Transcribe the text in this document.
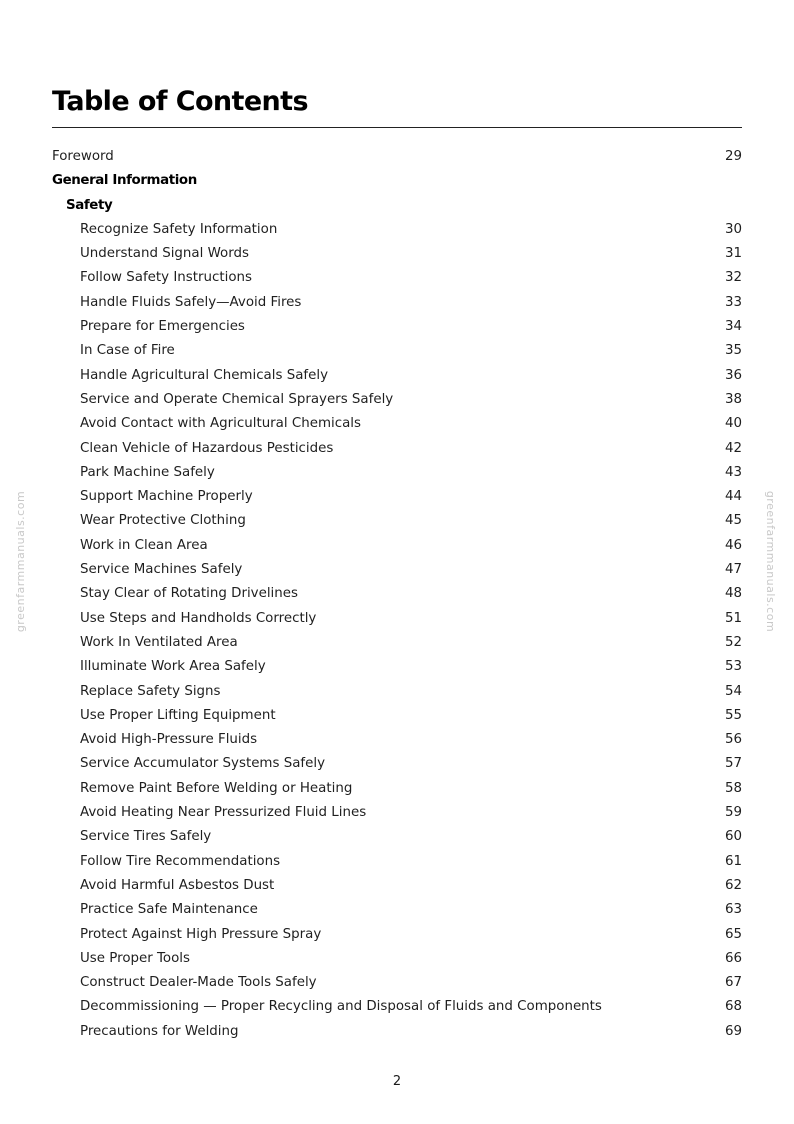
Table of Contents
Foreword	29
General Information
Safety
Recognize Safety Information	30
Understand Signal Words	31
Follow Safety Instructions	32
Handle Fluids Safely—Avoid Fires	33
Prepare for Emergencies	34
In Case of Fire	35
Handle Agricultural Chemicals Safely	36
Service and Operate Chemical Sprayers Safely	38
Avoid Contact with Agricultural Chemicals	40
Clean Vehicle of Hazardous Pesticides	42
Park Machine Safely	43
Support Machine Properly	44
Wear Protective Clothing	45
Work in Clean Area	46
Service Machines Safely	47
Stay Clear of Rotating Drivelines	48
Use Steps and Handholds Correctly	51
Work In Ventilated Area	52
Illuminate Work Area Safely	53
Replace Safety Signs	54
Use Proper Lifting Equipment	55
Avoid High-Pressure Fluids	56
Service Accumulator Systems Safely	57
Remove Paint Before Welding or Heating	58
Avoid Heating Near Pressurized Fluid Lines	59
Service Tires Safely	60
Follow Tire Recommendations	61
Avoid Harmful Asbestos Dust	62
Practice Safe Maintenance	63
Protect Against High Pressure Spray	65
Use Proper Tools	66
Construct Dealer-Made Tools Safely	67
Decommissioning — Proper Recycling and Disposal of Fluids and Components	68
Precautions for Welding	69
greenfarmmanuals.com	greenfarmmanuals.com
2
